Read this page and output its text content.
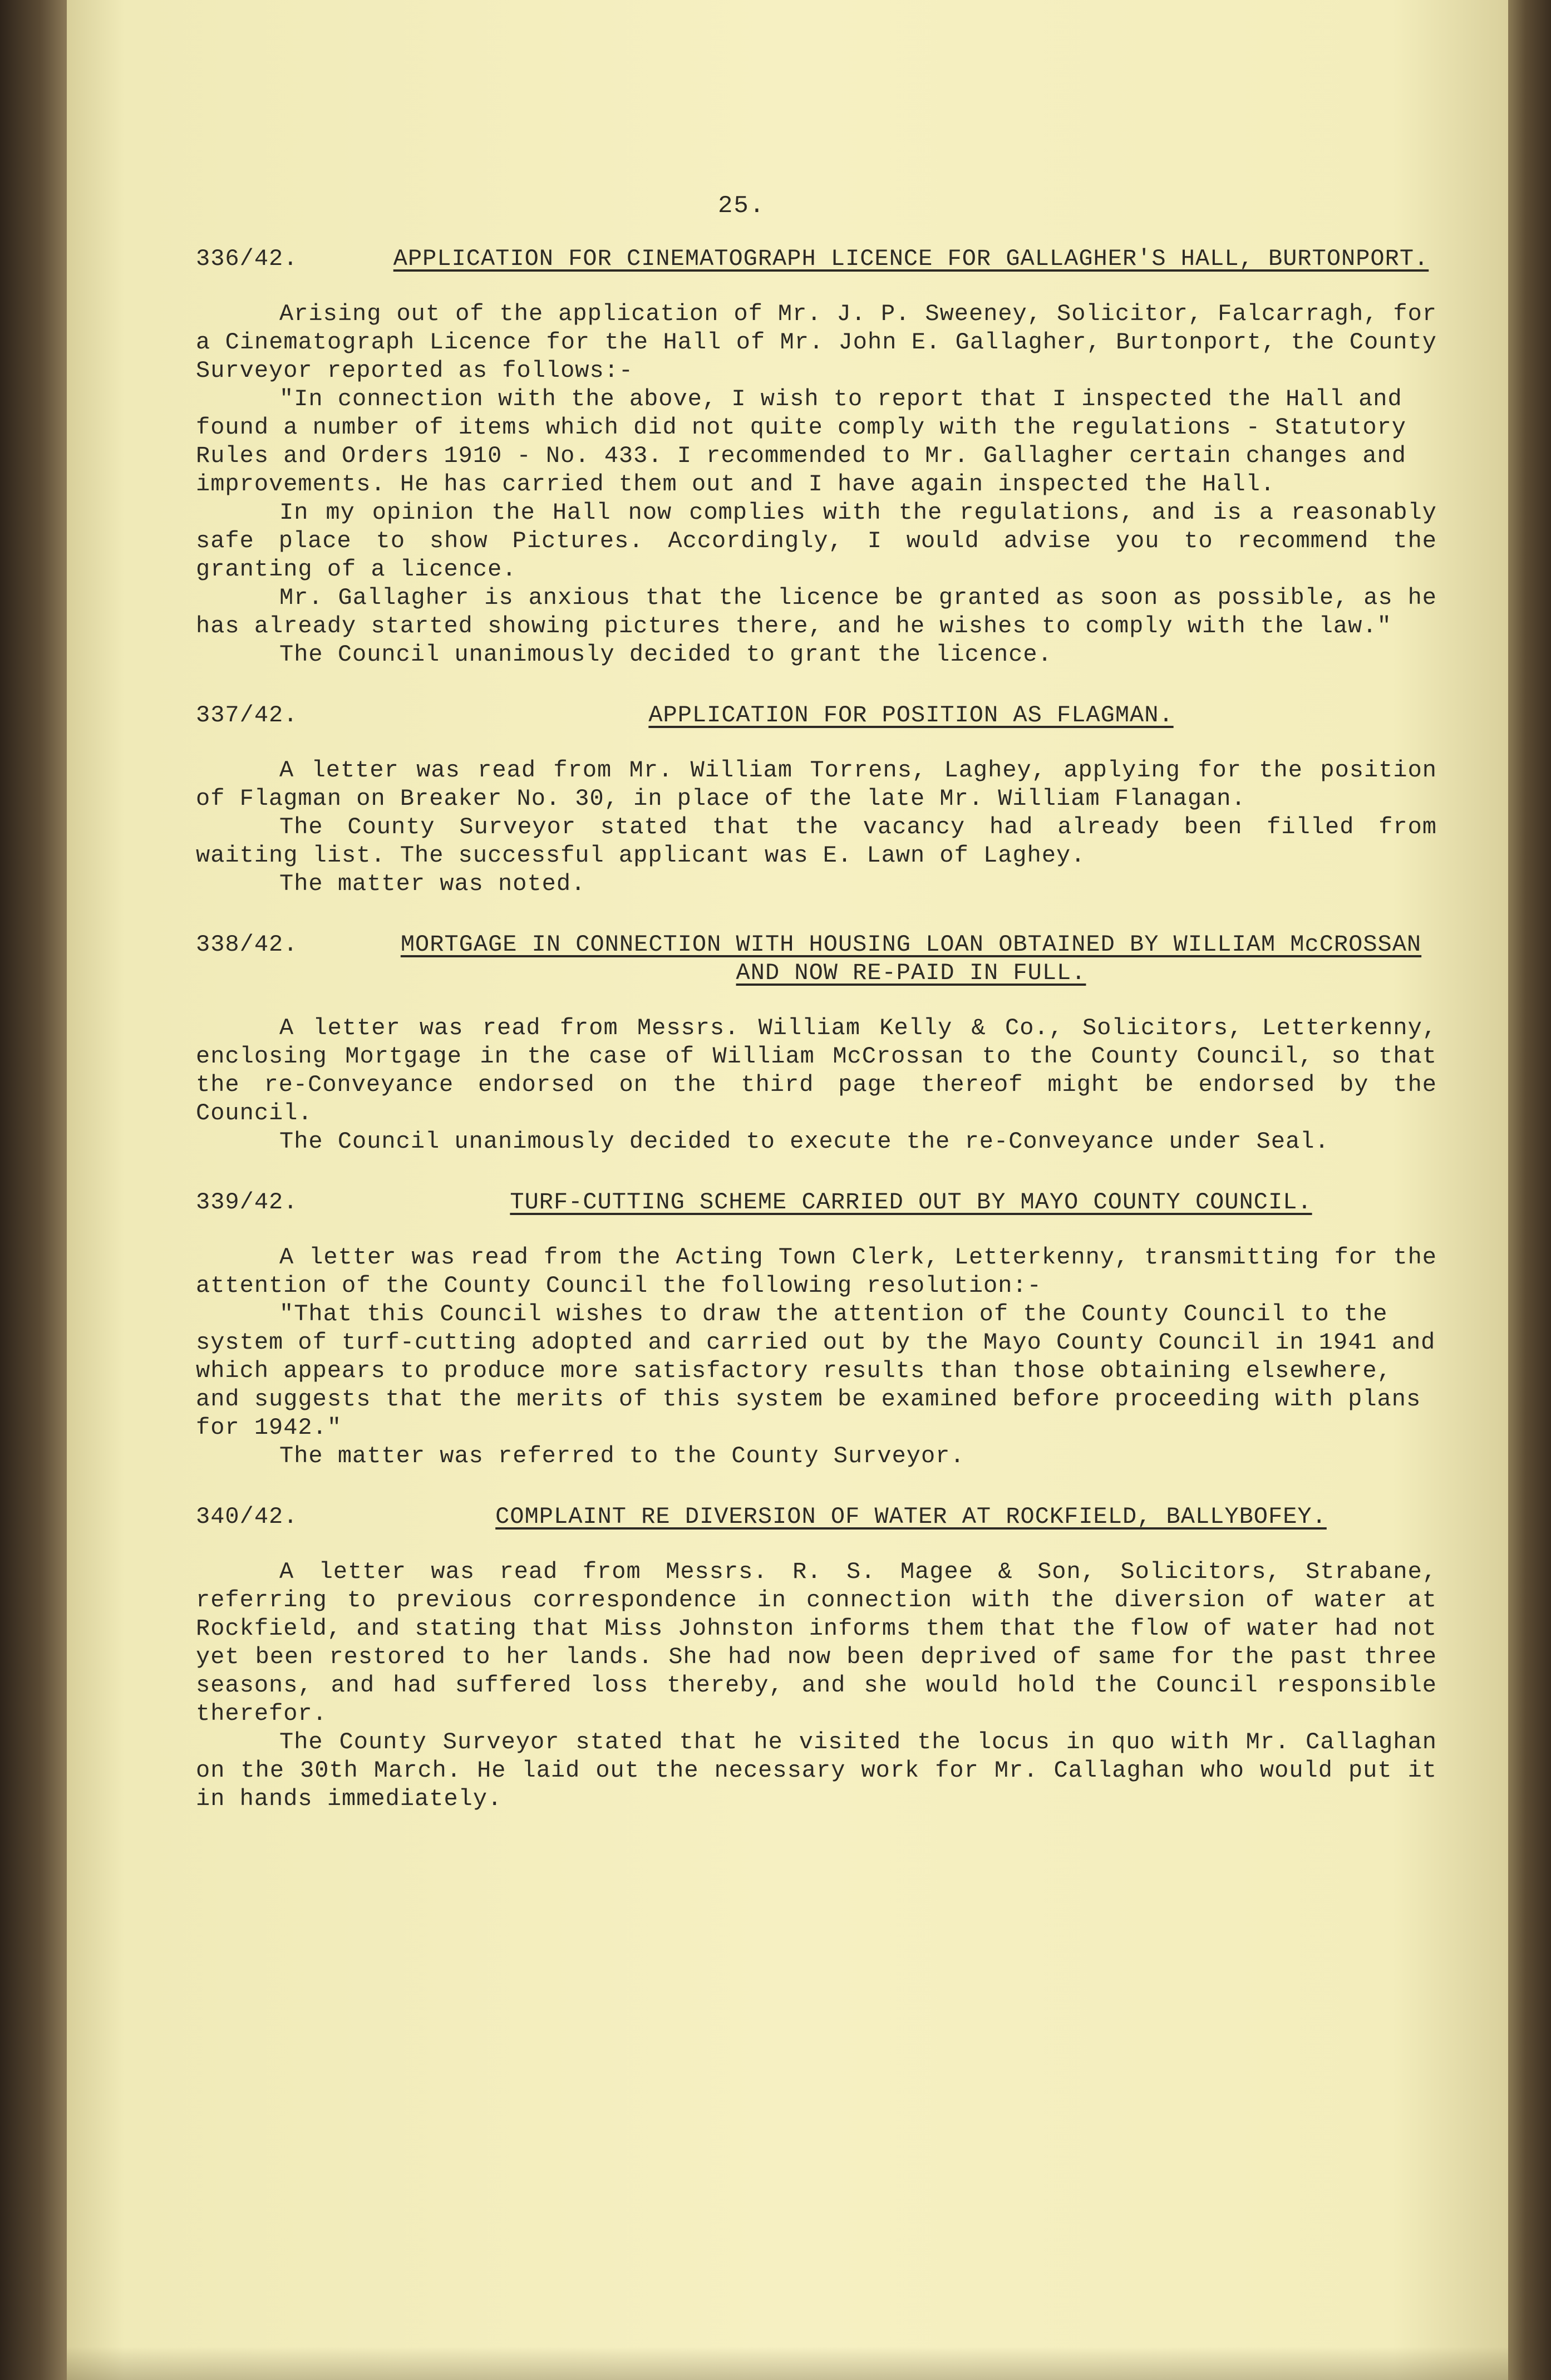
25.
336/42.	APPLICATION FOR CINEMATOGRAPH LICENCE FOR GALLAGHER'S HALL, BURTONPORT.

Arising out of the application of Mr. J. P. Sweeney, Solicitor, Falcarragh, for a Cinematograph Licence for the Hall of Mr. John E. Gallagher, Burtonport, the County Surveyor reported as follows:-

"In connection with the above, I wish to report that I inspected the Hall and found a number of items which did not quite comply with the regulations - Statutory Rules and Orders 1910 - No. 433. I recommended to Mr. Gallagher certain changes and improvements. He has carried them out and I have again inspected the Hall.

In my opinion the Hall now complies with the regulations, and is a reasonably safe place to show Pictures. Accordingly, I would advise you to recommend the granting of a licence.

Mr. Gallagher is anxious that the licence be granted as soon as possible, as he has already started showing pictures there, and he wishes to comply with the law."

The Council unanimously decided to grant the licence.

337/42.	APPLICATION FOR POSITION AS FLAGMAN.

A letter was read from Mr. William Torrens, Laghey, applying for the position of Flagman on Breaker No. 30, in place of the late Mr. William Flanagan.

The County Surveyor stated that the vacancy had already been filled from waiting list. The successful applicant was E. Lawn of Laghey.

The matter was noted.

338/42.	MORTGAGE IN CONNECTION WITH HOUSING LOAN OBTAINED BY WILLIAM McCROSSAN AND NOW RE-PAID IN FULL.

A letter was read from Messrs. William Kelly & Co., Solicitors, Letterkenny, enclosing Mortgage in the case of William McCrossan to the County Council, so that the re-Conveyance endorsed on the third page thereof might be endorsed by the Council.

The Council unanimously decided to execute the re-Conveyance under Seal.

339/42.	TURF-CUTTING SCHEME CARRIED OUT BY MAYO COUNTY COUNCIL.

A letter was read from the Acting Town Clerk, Letterkenny, transmitting for the attention of the County Council the following resolution:-

"That this Council wishes to draw the attention of the County Council to the system of turf-cutting adopted and carried out by the Mayo County Council in 1941 and which appears to produce more satisfactory results than those obtaining elsewhere, and suggests that the merits of this system be examined before proceeding with plans for 1942."

The matter was referred to the County Surveyor.

340/42.	COMPLAINT RE DIVERSION OF WATER AT ROCKFIELD, BALLYBOFEY.

A letter was read from Messrs. R. S. Magee & Son, Solicitors, Strabane, referring to previous correspondence in connection with the diversion of water at Rockfield, and stating that Miss Johnston informs them that the flow of water had not yet been restored to her lands. She had now been deprived of same for the past three seasons, and had suffered loss thereby, and she would hold the Council responsible therefor.

The County Surveyor stated that he visited the locus in quo with Mr. Callaghan on the 30th March. He laid out the necessary work for Mr. Callaghan who would put it in hands immediately.
